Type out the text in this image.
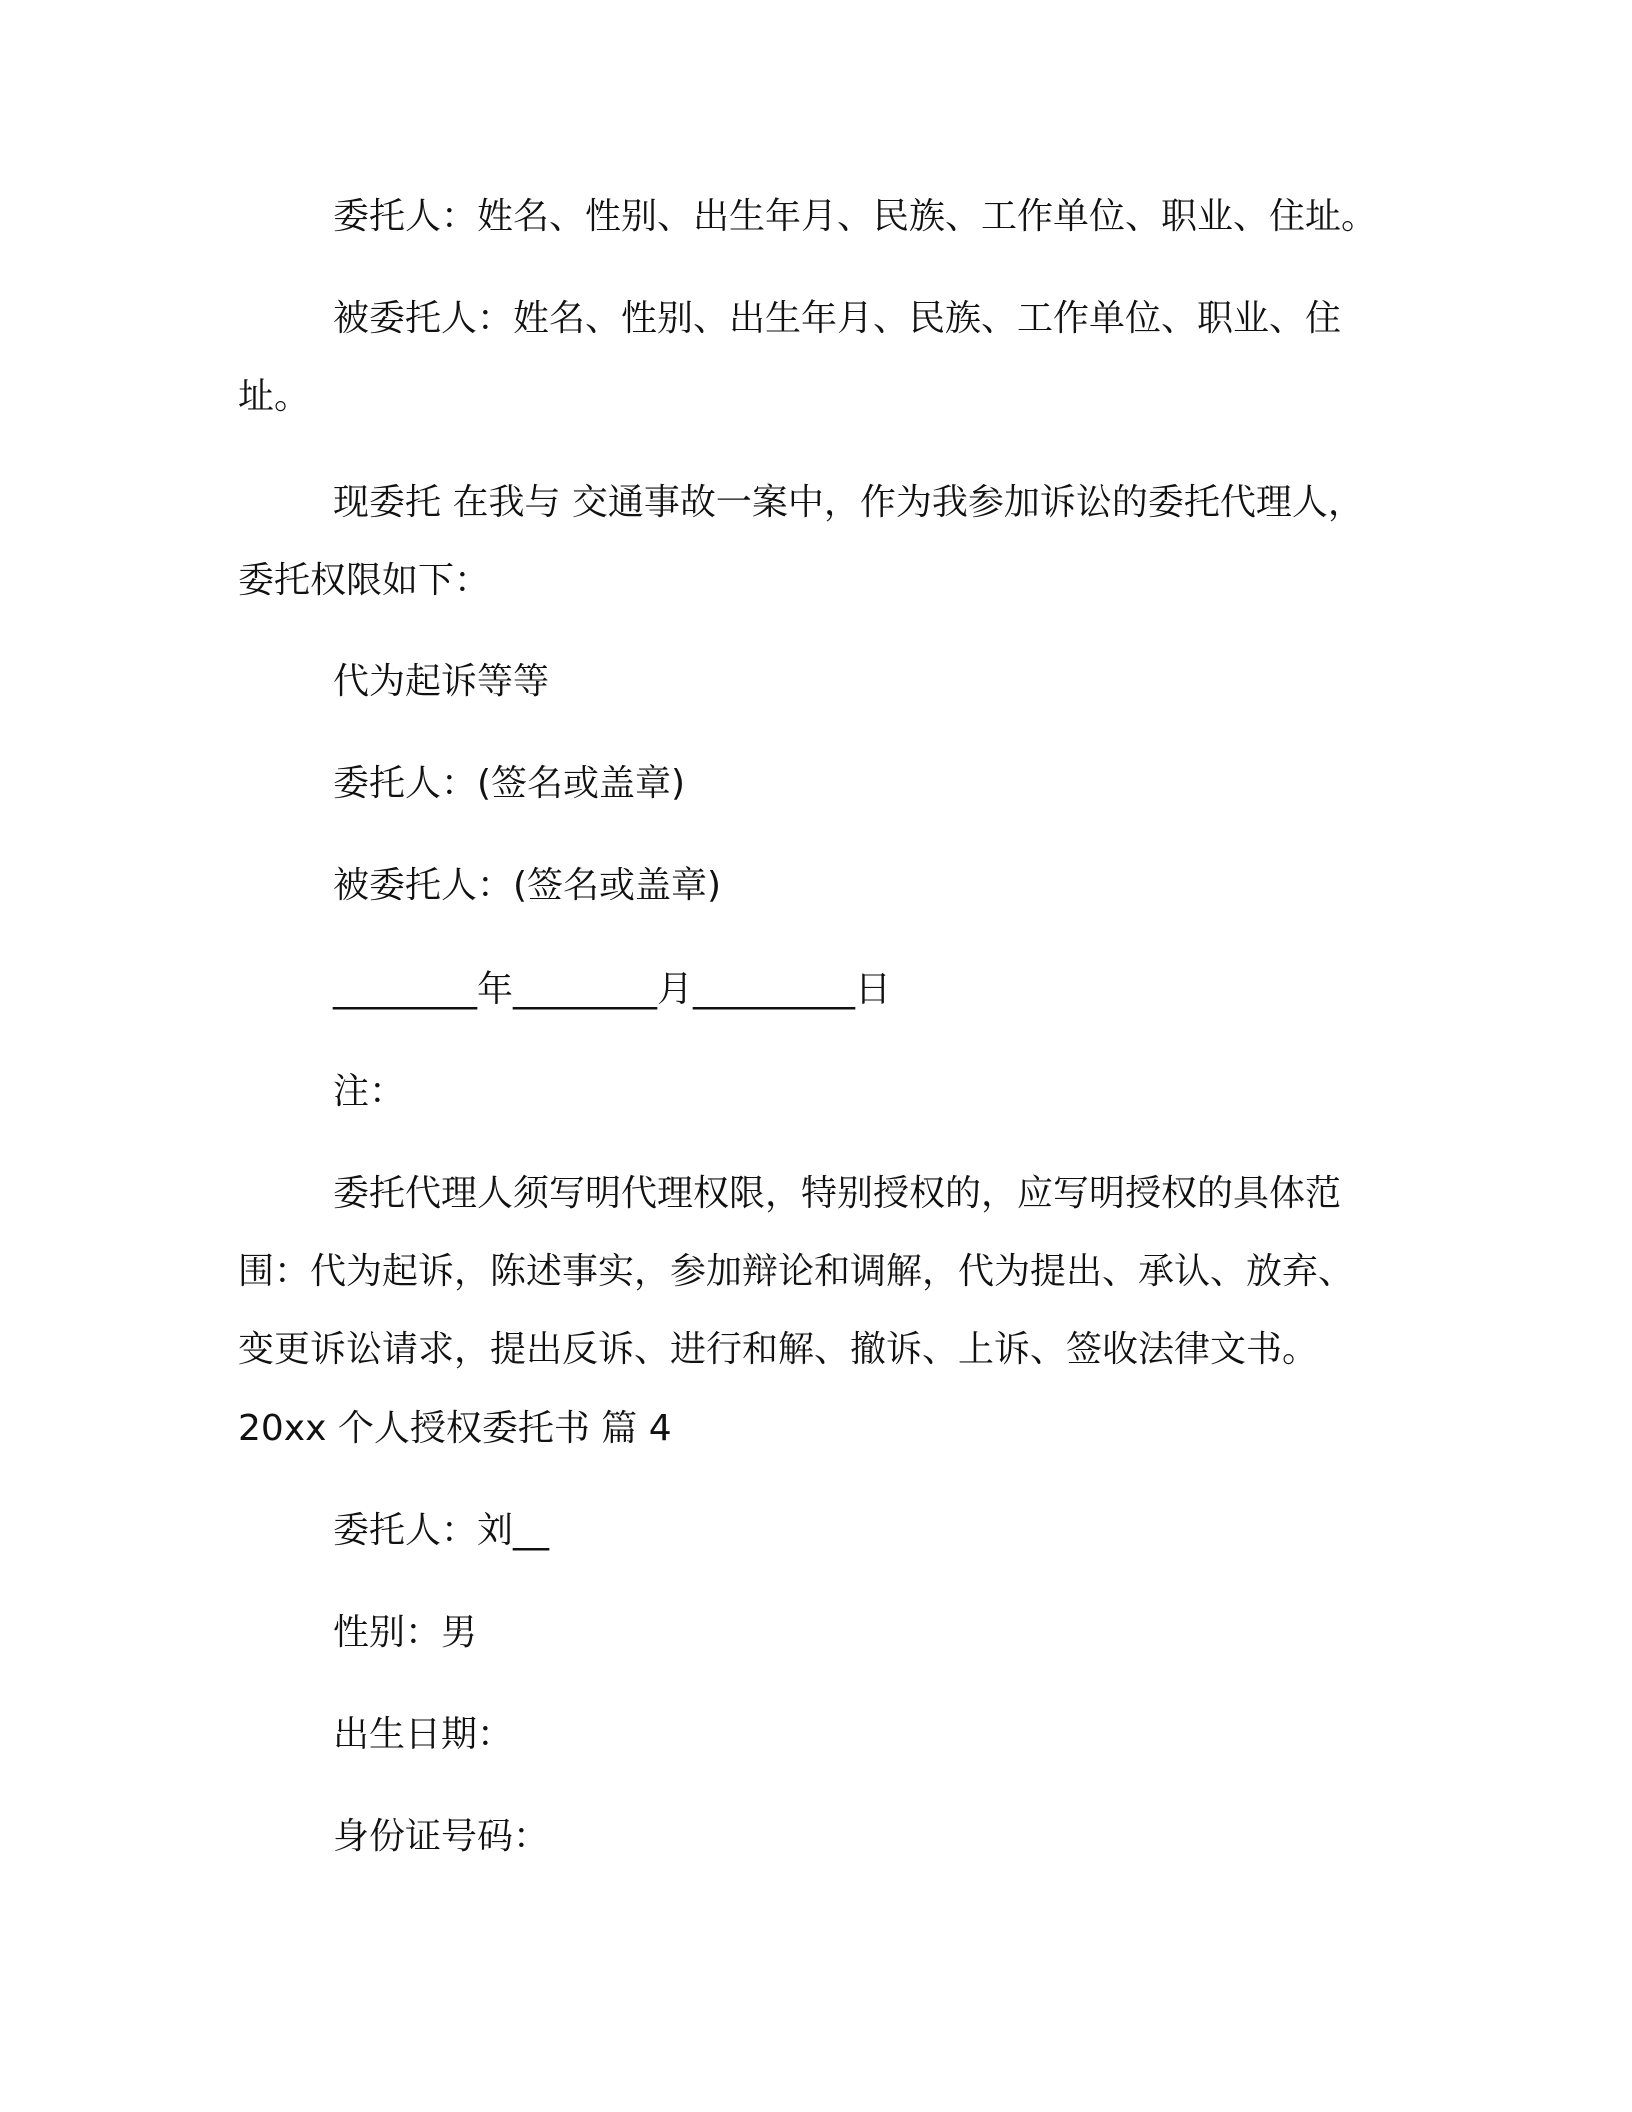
委托人：姓名、性别、出生年月、民族、工作单位、职业、住址。
被委托人：姓名、性别、出生年月、民族、工作单位、职业、住址。
现委托 在我与 交通事故一案中，作为我参加诉讼的委托代理人，委托权限如下：
代为起诉等等
委托人：(签名或盖章)
被委托人：(签名或盖章)
________年________月_________日
注：
委托代理人须写明代理权限，特别授权的，应写明授权的具体范围：代为起诉，陈述事实，参加辩论和调解，代为提出、承认、放弃、变更诉讼请求，提出反诉、进行和解、撤诉、上诉、签收法律文书。
20xx 个人授权委托书 篇 4
委托人：刘__
性别：男
出生日期：
身份证号码：
